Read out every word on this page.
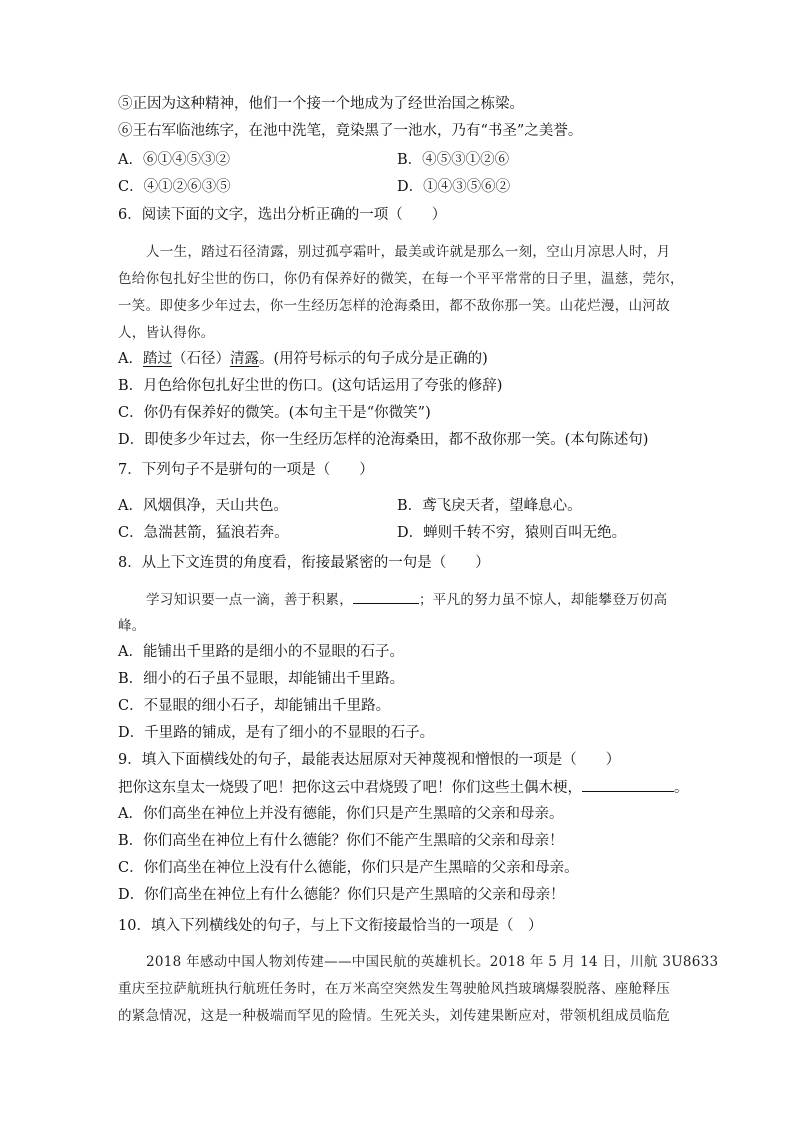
⑤正因为这种精神，他们一个接一个地成为了经世治国之栋梁。
⑥王右军临池练字，在池中洗笔，竟染黑了一池水，乃有“书圣”之美誉。
A．⑥①④⑤③②	B．④⑤③①②⑥
C．④①②⑥③⑤	D．①④③⑤⑥②
6．阅读下面的文字，选出分析正确的一项（　　）
人一生，踏过石径清露，别过孤亭霜叶，最美或许就是那么一刻，空山月凉思人时，月
色给你包扎好尘世的伤口，你仍有保养好的微笑，在每一个平平常常的日子里，温慈，莞尔，
一笑。即使多少年过去，你一生经历怎样的沧海桑田，都不敌你那一笑。山花烂漫，山河故
人，皆认得你。
A．踏过（石径）清露。(用符号标示的句子成分是正确的)
B．月色给你包扎好尘世的伤口。(这句话运用了夸张的修辞)
C．你仍有保养好的微笑。(本句主干是“你微笑”)
D．即使多少年过去，你一生经历怎样的沧海桑田，都不敌你那一笑。(本句陈述句)
7．下列句子不是骈句的一项是（　　）
A．风烟俱净，天山共色。	B．鸢飞戾天者，望峰息心。
C．急湍甚箭，猛浪若奔。	D．蝉则千转不穷，猿则百叫无绝。
8．从上下文连贯的角度看，衔接最紧密的一句是（　　）
学习知识要一点一滴，善于积累，	；平凡的努力虽不惊人，却能攀登万仞高
峰。
A．能铺出千里路的是细小的不显眼的石子。
B．细小的石子虽不显眼，却能铺出千里路。
C．不显眼的细小石子，却能铺出千里路。
D．千里路的铺成，是有了细小的不显眼的石子。
9．填入下面横线处的句子，最能表达屈原对天神蔑视和憎恨的一项是（　　）
把你这东皇太一烧毁了吧！把你这云中君烧毁了吧！你们这些土偶木梗，	。
A．你们高坐在神位上并没有德能，你们只是产生黑暗的父亲和母亲。
B．你们高坐在神位上有什么德能？你们不能产生黑暗的父亲和母亲！
C．你们高坐在神位上没有什么德能，你们只是产生黑暗的父亲和母亲。
D．你们高坐在神位上有什么德能？你们只是产生黑暗的父亲和母亲！
10．填入下列横线处的句子，与上下文衔接最恰当的一项是（　）
2018 年感动中国人物刘传建——中国民航的英雄机长。2018 年 5 月 14 日，川航 3U8633
重庆至拉萨航班执行航班任务时，在万米高空突然发生驾驶舱风挡玻璃爆裂脱落、座舱释压
的紧急情况，这是一种极端而罕见的险情。生死关头，刘传建果断应对，带领机组成员临危
